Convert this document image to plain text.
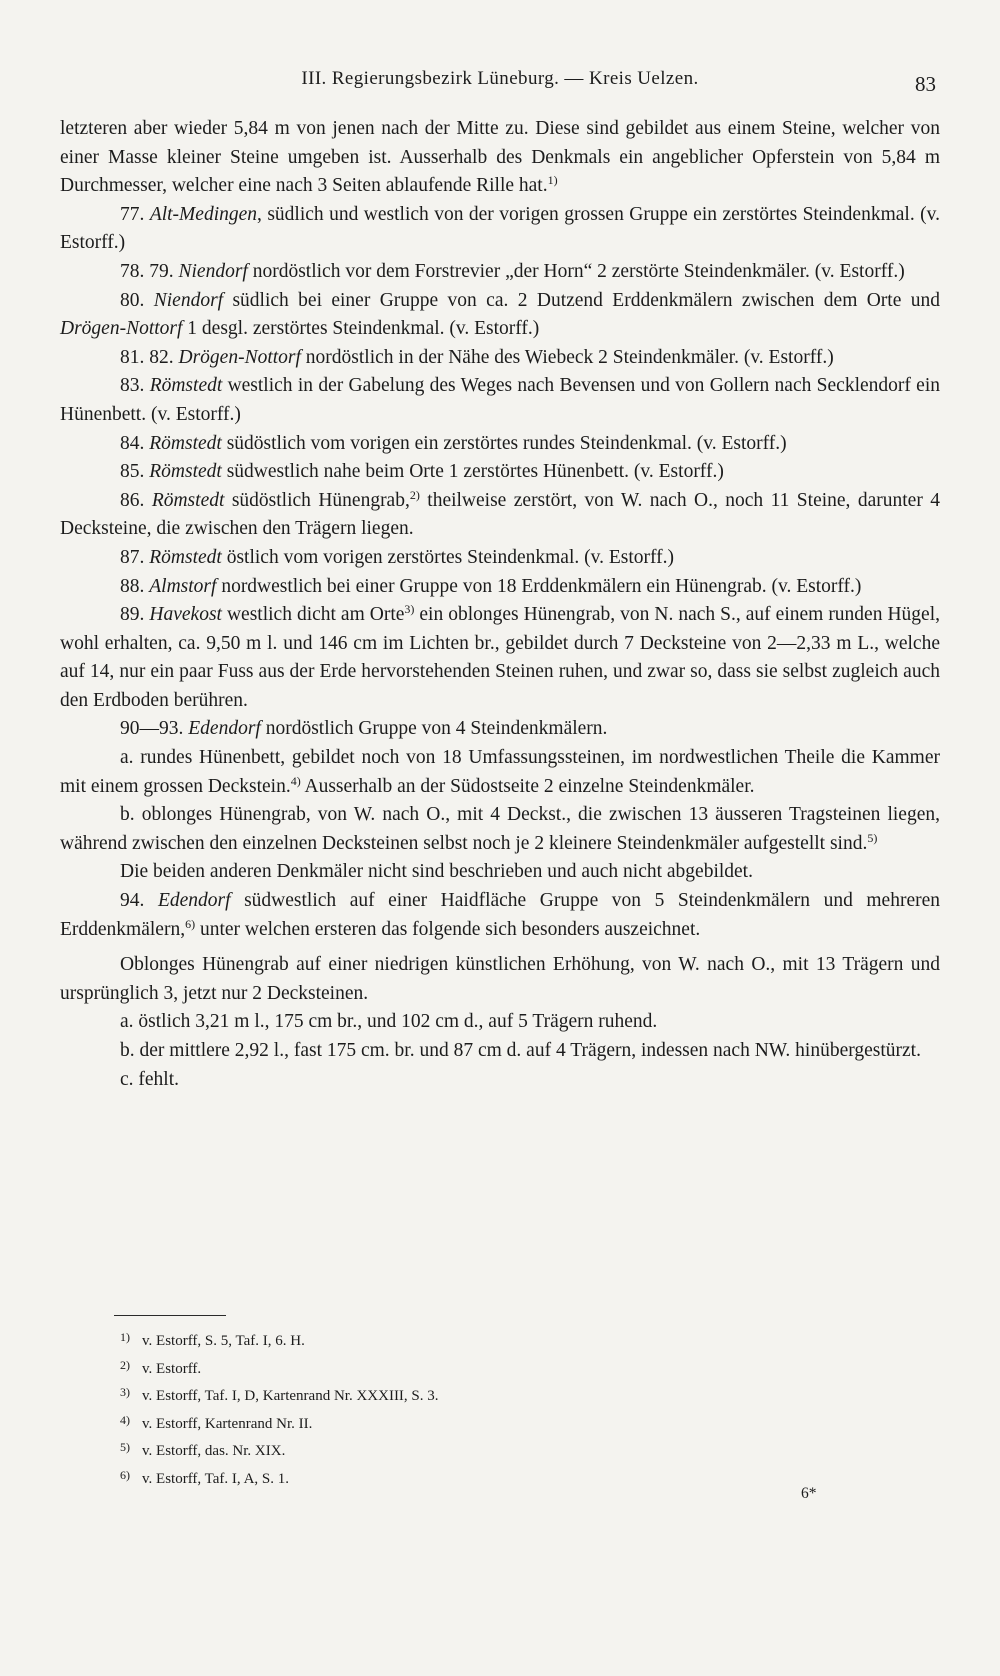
III. Regierungsbezirk Lüneburg. — Kreis Uelzen.	83

letzteren aber wieder 5,84 m von jenen nach der Mitte zu. Diese sind gebildet aus einem Steine, welcher von einer Masse kleiner Steine umgeben ist. Ausserhalb des Denkmals ein angeblicher Opferstein von 5,84 m Durchmesser, welcher eine nach 3 Seiten ablaufende Rille hat.$^{1)}$

77. Alt-Medingen, südlich und westlich von der vorigen grossen Gruppe ein zerstörtes Steindenkmal. (v. Estorff.)

78. 79. Niendorf nordöstlich vor dem Forstrevier „der Horn“ 2 zerstörte Steindenkmäler. (v. Estorff.)

80. Niendorf südlich bei einer Gruppe von ca. 2 Dutzend Erddenkmälern zwischen dem Orte und Drögen-Nottorf 1 desgl. zerstörtes Steindenkmal. (v. Estorff.)

81. 82. Drögen-Nottorf nordöstlich in der Nähe des Wiebeck 2 Steindenkmäler. (v. Estorff.)

83. Römstedt westlich in der Gabelung des Weges nach Bevensen und von Gollern nach Secklendorf ein Hünenbett. (v. Estorff.)

84. Römstedt südöstlich vom vorigen ein zerstörtes rundes Steindenkmal. (v. Estorff.)

85. Römstedt südwestlich nahe beim Orte 1 zerstörtes Hünenbett. (v. Estorff.)

86. Römstedt südöstlich Hünengrab,$^{2)}$ theilweise zerstört, von W. nach O., noch 11 Steine, darunter 4 Decksteine, die zwischen den Trägern liegen.

87. Römstedt östlich vom vorigen zerstörtes Steindenkmal. (v. Estorff.)

88. Almstorf nordwestlich bei einer Gruppe von 18 Erddenkmälern ein Hünengrab. (v. Estorff.)

89. Havekost westlich dicht am Orte$^{3)}$ ein oblonges Hünengrab, von N. nach S., auf einem runden Hügel, wohl erhalten, ca. 9,50 m l. und 146 cm im Lichten br., gebildet durch 7 Decksteine von 2—2,33 m L., welche auf 14, nur ein paar Fuss aus der Erde hervorstehenden Steinen ruhen, und zwar so, dass sie selbst zugleich auch den Erdboden berühren.

90—93. Edendorf nordöstlich Gruppe von 4 Steindenkmälern.

a. rundes Hünenbett, gebildet noch von 18 Umfassungssteinen, im nordwestlichen Theile die Kammer mit einem grossen Deckstein.$^{4)}$ Ausserhalb an der Südostseite 2 einzelne Steindenkmäler.

b. oblonges Hünengrab, von W. nach O., mit 4 Deckst., die zwischen 13 äusseren Tragsteinen liegen, während zwischen den einzelnen Decksteinen selbst noch je 2 kleinere Steindenkmäler aufgestellt sind.$^{5)}$

Die beiden anderen Denkmäler nicht sind beschrieben und auch nicht abgebildet.

94. Edendorf südwestlich auf einer Haidfläche Gruppe von 5 Steindenkmälern und mehreren Erddenkmälern,$^{6)}$ unter welchen ersteren das folgende sich besonders auszeichnet.

Oblonges Hünengrab auf einer niedrigen künstlichen Erhöhung, von W. nach O., mit 13 Trägern und ursprünglich 3, jetzt nur 2 Decksteinen.

a. östlich 3,21 m l., 175 cm br., und 102 cm d., auf 5 Trägern ruhend.

b. der mittlere 2,92 l., fast 175 cm. br. und 87 cm d. auf 4 Trägern, indessen nach NW. hinübergestürzt.

c. fehlt.

1) v. Estorff, S. 5, Taf. I, 6. H.
2) v. Estorff.
3) v. Estorff, Taf. I, D, Kartenrand Nr. XXXIII, S. 3.
4) v. Estorff, Kartenrand Nr. II.
5) v. Estorff, das. Nr. XIX.
6) v. Estorff, Taf. I, A, S. 1.
6*
